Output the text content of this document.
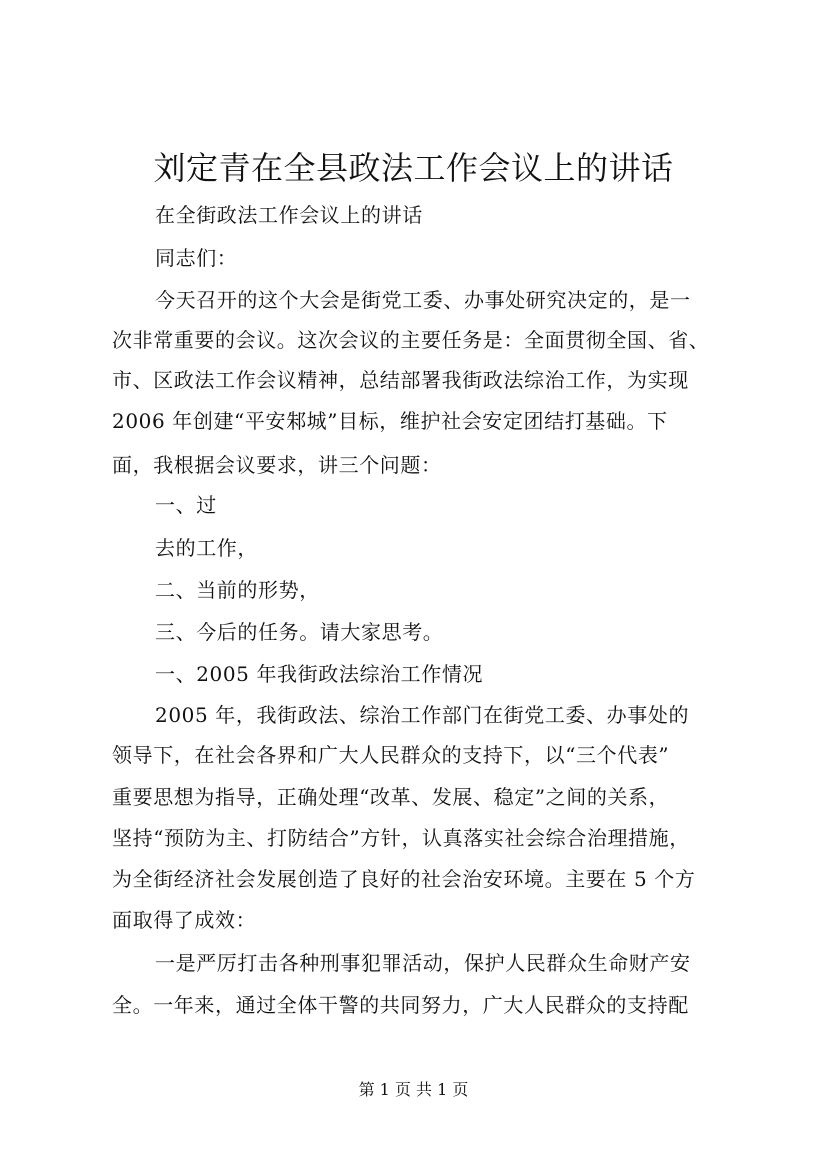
刘定青在全县政法工作会议上的讲话
在全街政法工作会议上的讲话
同志们：
今天召开的这个大会是街党工委、办事处研究决定的，是一
次非常重要的会议。这次会议的主要任务是：全面贯彻全国、省、
市、区政法工作会议精神，总结部署我街政法综治工作，为实现
2006 年创建“平安邾城”目标，维护社会安定团结打基础。下
面，我根据会议要求，讲三个问题：
一、过
去的工作，
二、当前的形势，
三、今后的任务。请大家思考。
一、2005 年我街政法综治工作情况
2005 年，我街政法、综治工作部门在街党工委、办事处的
领导下，在社会各界和广大人民群众的支持下，以“三个代表”
重要思想为指导，正确处理“改革、发展、稳定”之间的关系，
坚持“预防为主、打防结合”方针，认真落实社会综合治理措施，
为全街经济社会发展创造了良好的社会治安环境。主要在 5 个方
面取得了成效：
一是严厉打击各种刑事犯罪活动，保护人民群众生命财产安
全。一年来，通过全体干警的共同努力，广大人民群众的支持配
第 1 页 共 1 页
